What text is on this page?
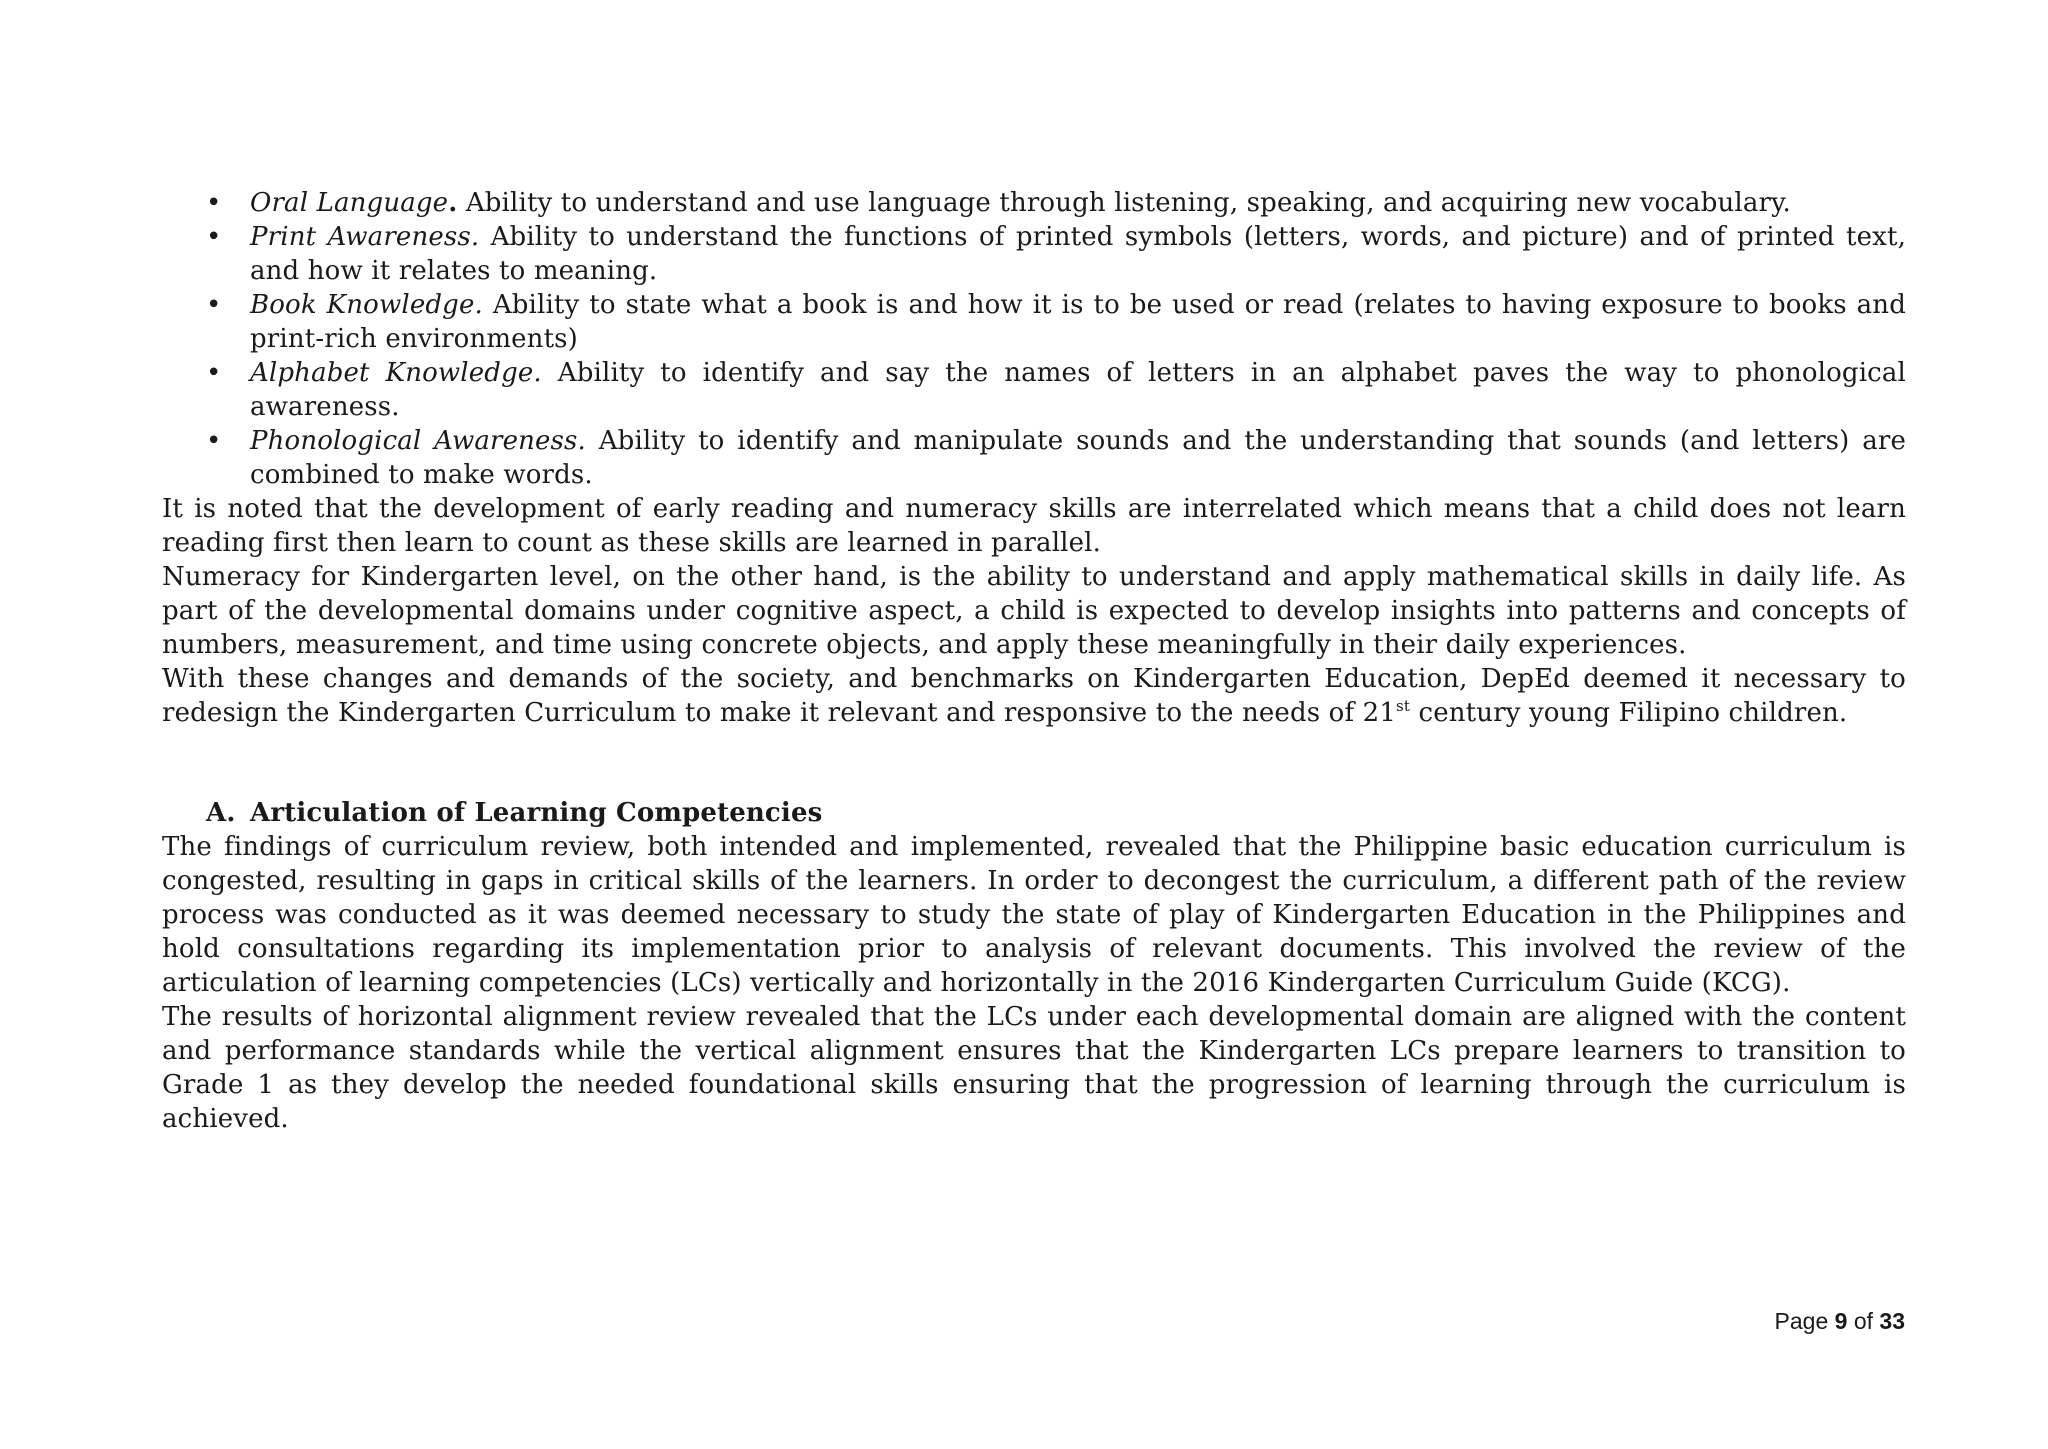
• Oral Language. Ability to understand and use language through listening, speaking, and acquiring new vocabulary.
• Print Awareness. Ability to understand the functions of printed symbols (letters, words, and picture) and of printed text, and how it relates to meaning.
• Book Knowledge. Ability to state what a book is and how it is to be used or read (relates to having exposure to books and print-rich environments)
• Alphabet Knowledge. Ability to identify and say the names of letters in an alphabet paves the way to phonological awareness.
• Phonological Awareness. Ability to identify and manipulate sounds and the understanding that sounds (and letters) are combined to make words.

It is noted that the development of early reading and numeracy skills are interrelated which means that a child does not learn reading first then learn to count as these skills are learned in parallel.

Numeracy for Kindergarten level, on the other hand, is the ability to understand and apply mathematical skills in daily life. As part of the developmental domains under cognitive aspect, a child is expected to develop insights into patterns and concepts of numbers, measurement, and time using concrete objects, and apply these meaningfully in their daily experiences.

With these changes and demands of the society, and benchmarks on Kindergarten Education, DepEd deemed it necessary to redesign the Kindergarten Curriculum to make it relevant and responsive to the needs of 21st century young Filipino children.

A. Articulation of Learning Competencies

The findings of curriculum review, both intended and implemented, revealed that the Philippine basic education curriculum is congested, resulting in gaps in critical skills of the learners. In order to decongest the curriculum, a different path of the review process was conducted as it was deemed necessary to study the state of play of Kindergarten Education in the Philippines and hold consultations regarding its implementation prior to analysis of relevant documents. This involved the review of the articulation of learning competencies (LCs) vertically and horizontally in the 2016 Kindergarten Curriculum Guide (KCG).

The results of horizontal alignment review revealed that the LCs under each developmental domain are aligned with the content and performance standards while the vertical alignment ensures that the Kindergarten LCs prepare learners to transition to Grade 1 as they develop the needed foundational skills ensuring that the progression of learning through the curriculum is achieved.

Page 9 of 33
